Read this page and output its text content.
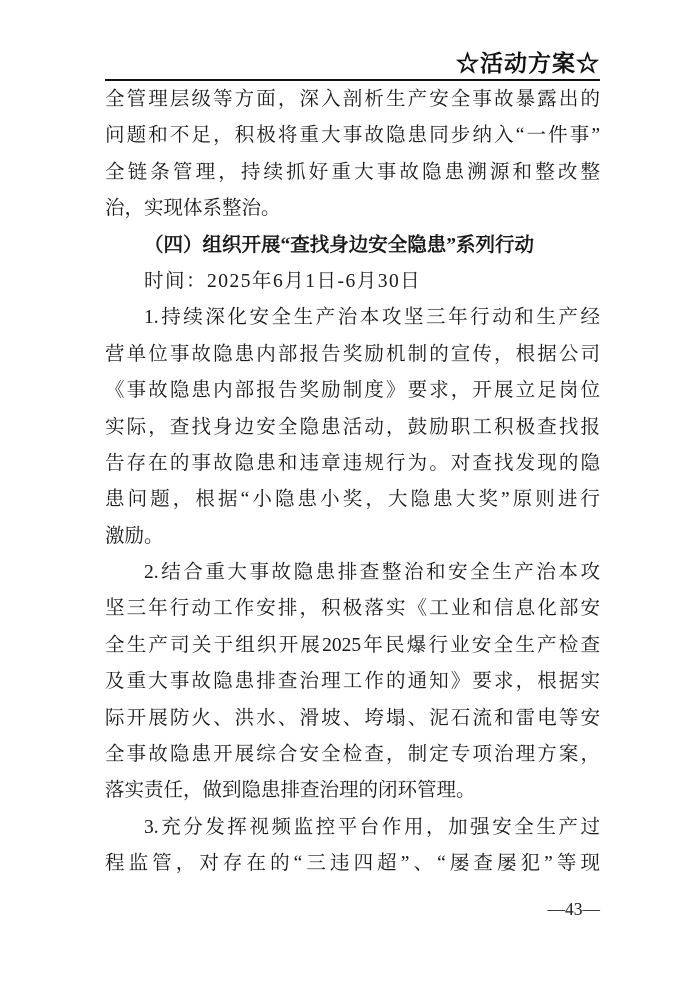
☆活动方案☆
全管理层级等方面，深入剖析生产安全事故暴露出的
问题和不足，积极将重大事故隐患同步纳入“一件事”
全链条管理，持续抓好重大事故隐患溯源和整改整
治，实现体系整治。
（四）组织开展“查找身边安全隐患”系列行动
时间：2025年6月1日-6月30日
1.持续深化安全生产治本攻坚三年行动和生产经
营单位事故隐患内部报告奖励机制的宣传，根据公司
《事故隐患内部报告奖励制度》要求，开展立足岗位
实际，查找身边安全隐患活动，鼓励职工积极查找报
告存在的事故隐患和违章违规行为。对查找发现的隐
患问题，根据“小隐患小奖，大隐患大奖”原则进行
激励。
2.结合重大事故隐患排查整治和安全生产治本攻
坚三年行动工作安排，积极落实《工业和信息化部安
全生产司关于组织开展2025年民爆行业安全生产检查
及重大事故隐患排查治理工作的通知》要求，根据实
际开展防火、洪水、滑坡、垮塌、泥石流和雷电等安
全事故隐患开展综合安全检查，制定专项治理方案，
落实责任，做到隐患排查治理的闭环管理。
3.充分发挥视频监控平台作用，加强安全生产过
程监管，对存在的“三违四超”、“屡查屡犯”等现
—43—
